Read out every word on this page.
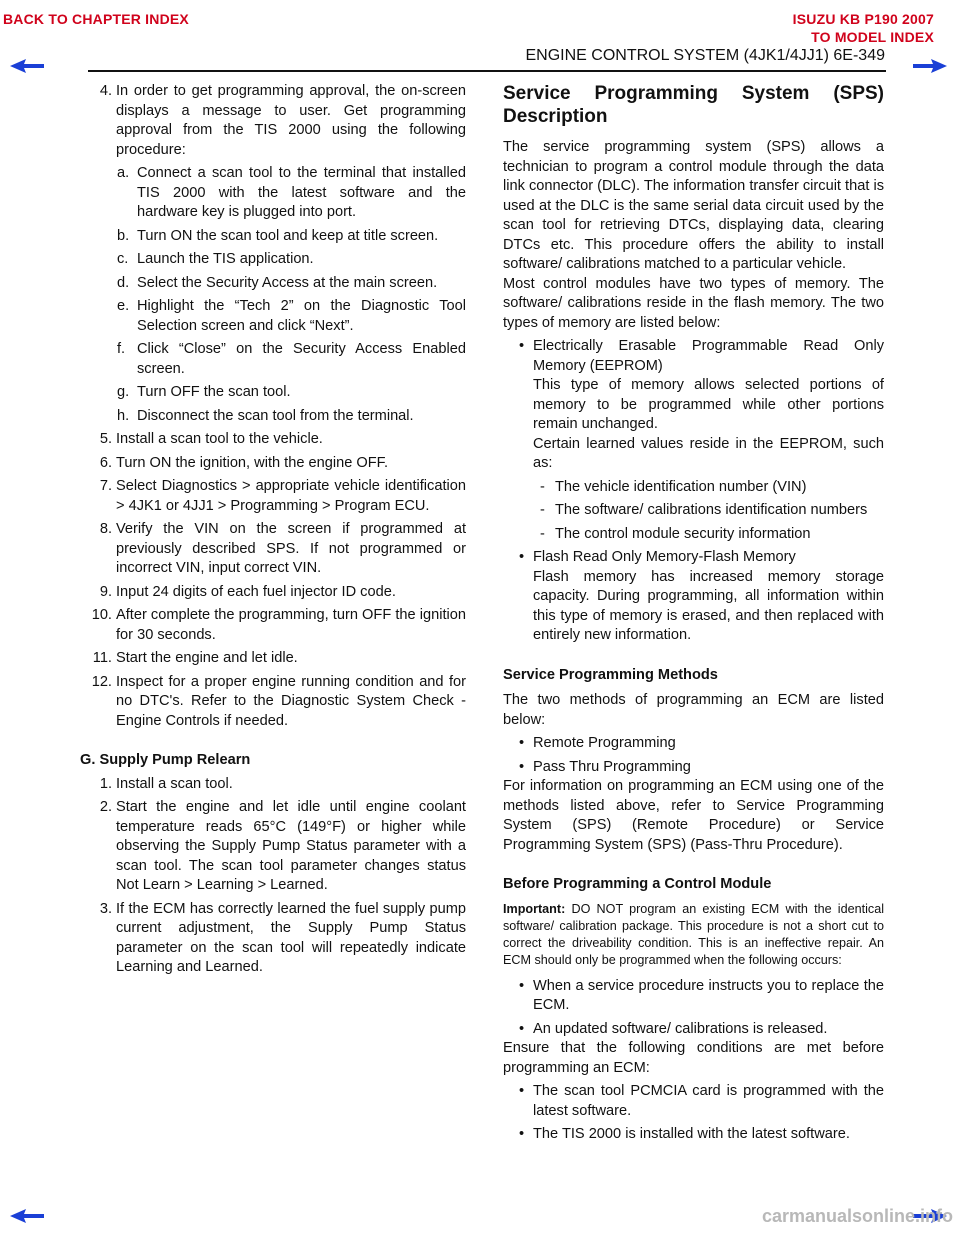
BACK TO CHAPTER INDEX	ISUZU KB P190 2007
TO MODEL INDEX
ENGINE CONTROL SYSTEM (4JK1/4JJ1) 6E-349
4. In order to get programming approval, the on-screen displays a message to user. Get programming approval from the TIS 2000 using the following procedure:
a. Connect a scan tool to the terminal that installed TIS 2000 with the latest software and the hardware key is plugged into port.
b. Turn ON the scan tool and keep at title screen.
c. Launch the TIS application.
d. Select the Security Access at the main screen.
e. Highlight the “Tech 2” on the Diagnostic Tool Selection screen and click “Next”.
f. Click “Close” on the Security Access Enabled screen.
g. Turn OFF the scan tool.
h. Disconnect the scan tool from the terminal.
5. Install a scan tool to the vehicle.
6. Turn ON the ignition, with the engine OFF.
7. Select Diagnostics > appropriate vehicle identification > 4JK1 or 4JJ1 > Programming > Program ECU.
8. Verify the VIN on the screen if programmed at previously described SPS. If not programmed or incorrect VIN, input correct VIN.
9. Input 24 digits of each fuel injector ID code.
10. After complete the programming, turn OFF the ignition for 30 seconds.
11. Start the engine and let idle.
12. Inspect for a proper engine running condition and for no DTC's. Refer to the Diagnostic System Check - Engine Controls if needed.
G. Supply Pump Relearn
1. Install a scan tool.
2. Start the engine and let idle until engine coolant temperature reads 65°C (149°F) or higher while observing the Supply Pump Status parameter with a scan tool. The scan tool parameter changes status Not Learn > Learning > Learned.
3. If the ECM has correctly learned the fuel supply pump current adjustment, the Supply Pump Status parameter on the scan tool will repeatedly indicate Learning and Learned.
Service Programming System (SPS) Description

The service programming system (SPS) allows a technician to program a control module through the data link connector (DLC). The information transfer circuit that is used at the DLC is the same serial data circuit used by the scan tool for retrieving DTCs, displaying data, clearing DTCs etc. This procedure offers the ability to install software/ calibrations matched to a particular vehicle.

Most control modules have two types of memory. The software/ calibrations reside in the flash memory. The two types of memory are listed below:

• Electrically Erasable Programmable Read Only Memory (EEPROM)

This type of memory allows selected portions of memory to be programmed while other portions remain unchanged.

Certain learned values reside in the EEPROM, such as:

- The vehicle identification number (VIN)
- The software/ calibrations identification numbers
- The control module security information
• Flash Read Only Memory-Flash Memory

Flash memory has increased memory storage capacity. During programming, all information within this type of memory is erased, and then replaced with entirely new information.

Service Programming Methods

The two methods of programming an ECM are listed below:

• Remote Programming
• Pass Thru Programming

For information on programming an ECM using one of the methods listed above, refer to Service Programming System (SPS) (Remote Procedure) or Service Programming System (SPS) (Pass-Thru Procedure).

Before Programming a Control Module

Important: DO NOT program an existing ECM with the identical software/ calibration package. This procedure is not a short cut to correct the driveability condition. This is an ineffective repair. An ECM should only be programmed when the following occurs:

• When a service procedure instructs you to replace the ECM.
• An updated software/ calibrations is released.

Ensure that the following conditions are met before programming an ECM:

• The scan tool PCMCIA card is programmed with the latest software.
• The TIS 2000 is installed with the latest software.
carmanualsonline.info
